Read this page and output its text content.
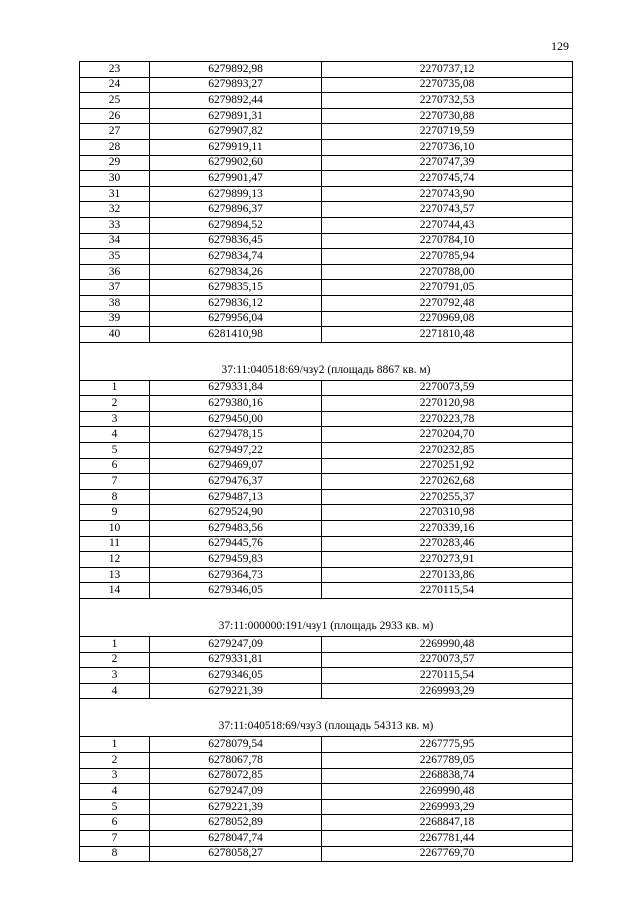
129
23	6279892,98	2270737,12
24	6279893,27	2270735,08
25	6279892,44	2270732,53
26	6279891,31	2270730,88
27	6279907,82	2270719,59
28	6279919,11	2270736,10
29	6279902,60	2270747,39
30	6279901,47	2270745,74
31	6279899,13	2270743,90
32	6279896,37	2270743,57
33	6279894,52	2270744,43
34	6279836,45	2270784,10
35	6279834,74	2270785,94
36	6279834,26	2270788,00
37	6279835,15	2270791,05
38	6279836,12	2270792,48
39	6279956,04	2270969,08
40	6281410,98	2271810,48
37:11:040518:69/чзу2 (площадь 8867 кв. м)		
1	6279331,84	2270073,59
2	6279380,16	2270120,98
3	6279450,00	2270223,78
4	6279478,15	2270204,70
5	6279497,22	2270232,85
6	6279469,07	2270251,92
7	6279476,37	2270262,68
8	6279487,13	2270255,37
9	6279524,90	2270310,98
10	6279483,56	2270339,16
11	6279445,76	2270283,46
12	6279459,83	2270273,91
13	6279364,73	2270133,86
14	6279346,05	2270115,54
37:11:000000:191/чзу1 (площадь 2933 кв. м)		
1	6279247,09	2269990,48
2	6279331,81	2270073,57
3	6279346,05	2270115,54
4	6279221,39	2269993,29
37:11:040518:69/чзу3 (площадь 54313 кв. м)		
1	6278079,54	2267775,95
2	6278067,78	2267789,05
3	6278072,85	2268838,74
4	6279247,09	2269990,48
5	6279221,39	2269993,29
6	6278052,89	2268847,18
7	6278047,74	2267781,44
8	6278058,27	2267769,70
